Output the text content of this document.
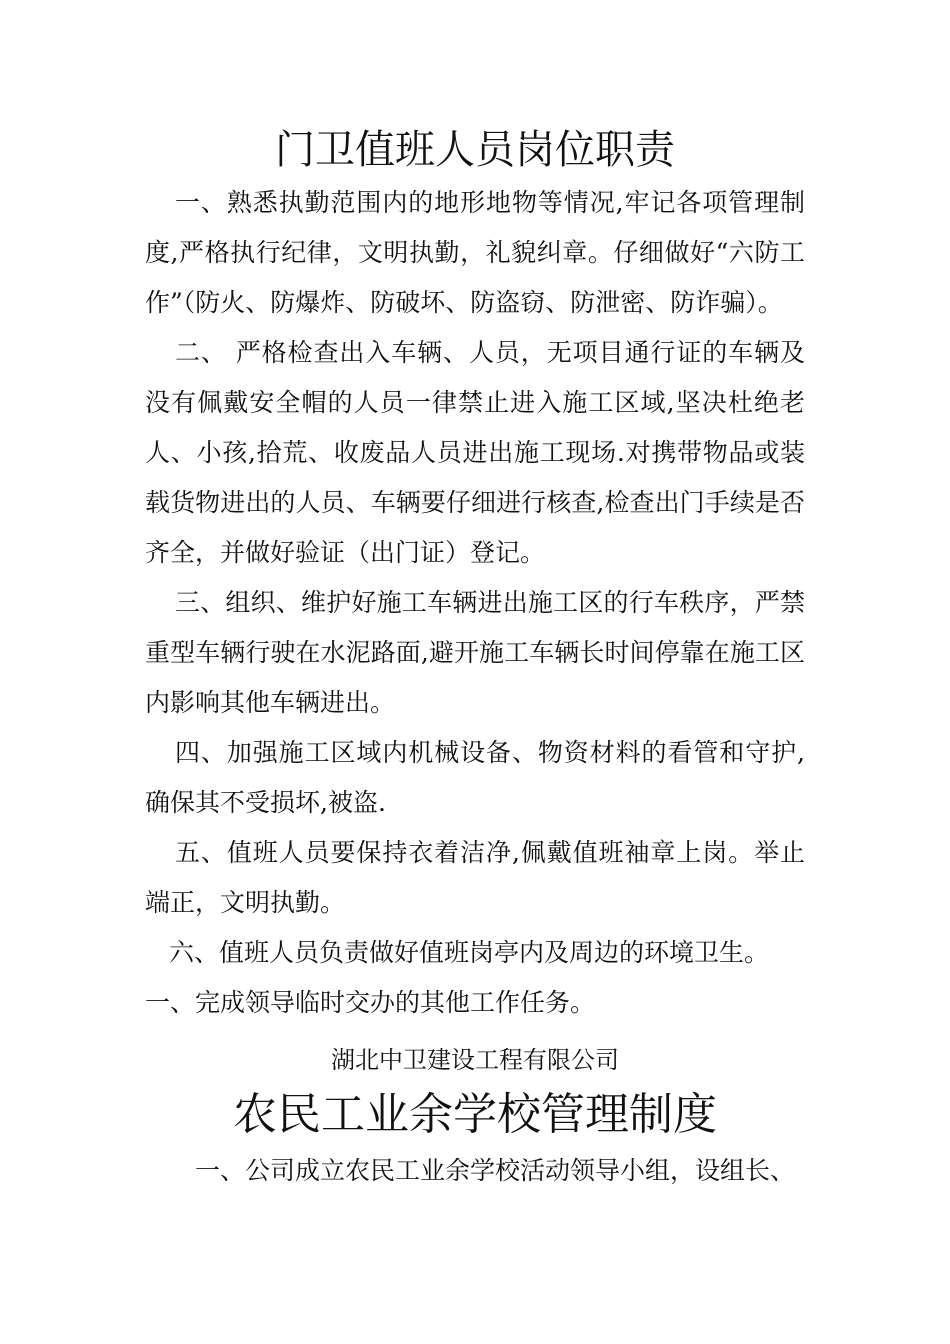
门卫值班人员岗位职责

一、熟悉执勤范围内的地形地物等情况,牢记各项管理制度,严格执行纪律，文明执勤，礼貌纠章。仔细做好“六防工作”（防火、防爆炸、防破坏、防盗窃、防泄密、防诈骗）。

二、 严格检查出入车辆、人员，无项目通行证的车辆及没有佩戴安全帽的人员一律禁止进入施工区域,坚决杜绝老人、小孩,拾荒、收废品人员进出施工现场.对携带物品或装载货物进出的人员、车辆要仔细进行核查,检查出门手续是否齐全，并做好验证（出门证）登记。

三、组织、维护好施工车辆进出施工区的行车秩序，严禁重型车辆行驶在水泥路面,避开施工车辆长时间停靠在施工区内影响其他车辆进出。

四、加强施工区域内机械设备、物资材料的看管和守护,确保其不受损坏,被盗.

五、值班人员要保持衣着洁净,佩戴值班袖章上岗。举止端正，文明执勤。

六、值班人员负责做好值班岗亭内及周边的环境卫生。

一、完成领导临时交办的其他工作任务。

湖北中卫建设工程有限公司

农民工业余学校管理制度

一、公司成立农民工业余学校活动领导小组，设组长、
